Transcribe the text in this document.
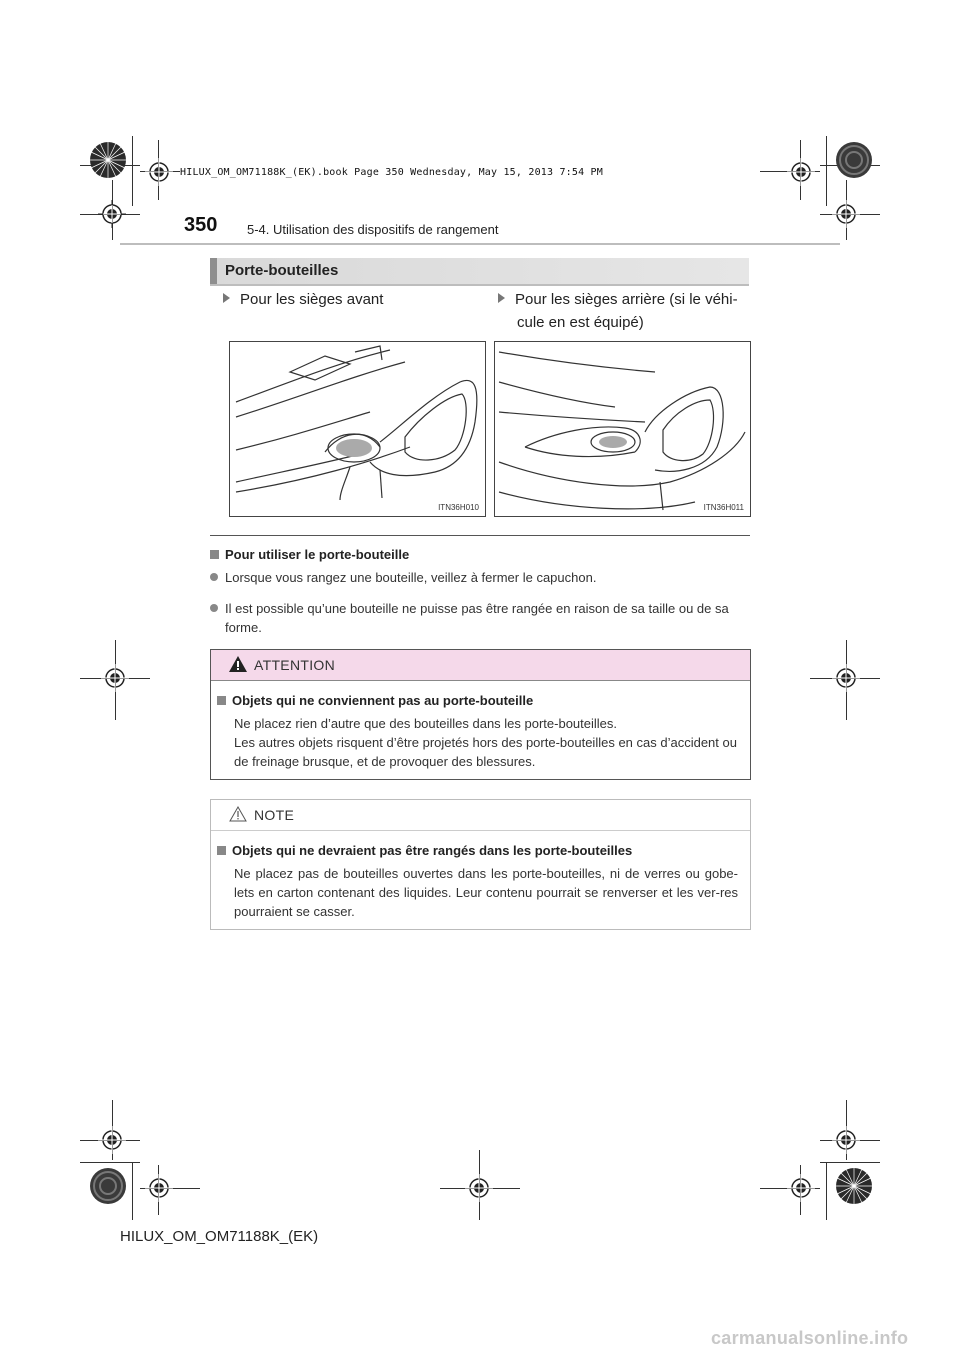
HILUX_OM_OM71188K_(EK).book Page 350 Wednesday, May 15, 2013 7:54 PM
350 5-4. Utilisation des dispositifs de rangement
Porte-bouteilles
Pour les sièges avant	Pour les sièges arrière (si le véhi-
cule en est équipé)
ITN36H010	ITN36H011
Pour utiliser le porte-bouteille
Lorsque vous rangez une bouteille, veillez à fermer le capuchon.
Il est possible qu’une bouteille ne puisse pas être rangée en raison de sa taille ou de sa forme.
ATTENTION
Objets qui ne conviennent pas au porte-bouteille

Ne placez rien d’autre que des bouteilles dans les porte-bouteilles.

Les autres objets risquent d’être projetés hors des porte-bouteilles en cas d’accident ou de freinage brusque, et de provoquer des blessures.

NOTE
Objets qui ne devraient pas être rangés dans les porte-bouteilles

Ne placez pas de bouteilles ouvertes dans les porte-bouteilles, ni de verres ou gobe-lets en carton contenant des liquides. Leur contenu pourrait se renverser et les ver-res pourraient se casser.

HILUX_OM_OM71188K_(EK)
carmanualsonline.info
